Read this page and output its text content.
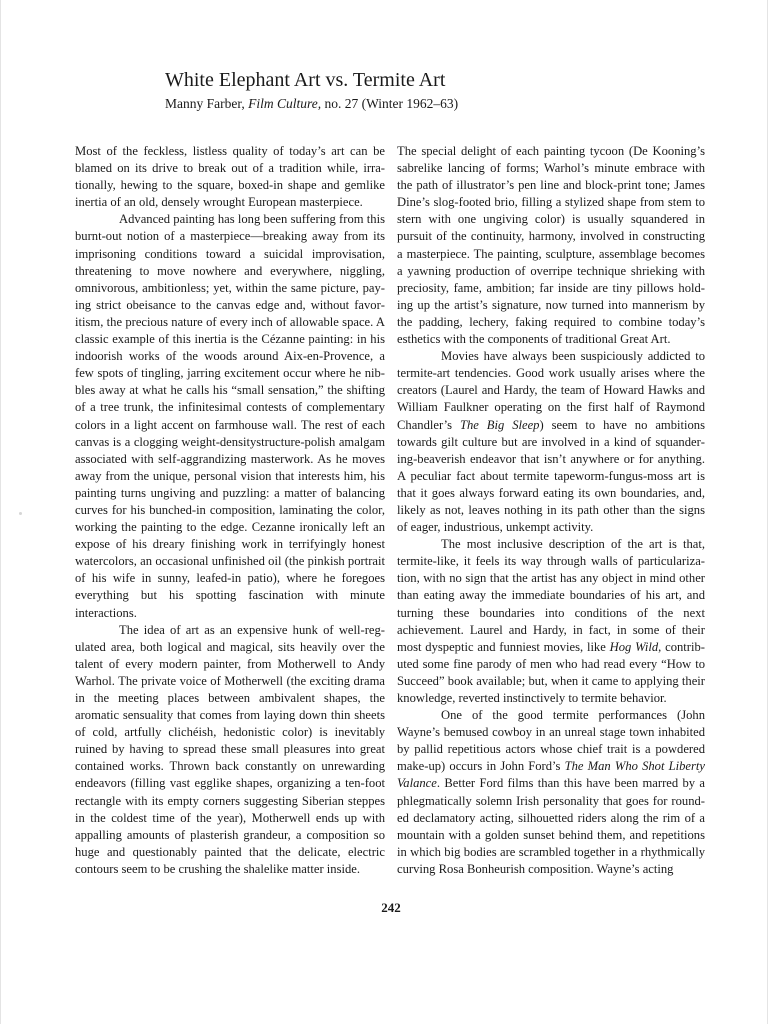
White Elephant Art vs. Termite Art
Manny Farber, Film Culture, no. 27 (Winter 1962–63)

Most of the feckless, listless quality of today’s art can be blamed on its drive to break out of a tradition while, irrationally, hewing to the square, boxed-in shape and gemlike inertia of an old, densely wrought European masterpiece.

Advanced painting has long been suffering from this burnt-out notion of a masterpiece—breaking away from its imprisoning conditions toward a suicidal improvisation, threatening to move nowhere and everywhere, niggling, omnivorous, ambitionless; yet, within the same picture, paying strict obeisance to the canvas edge and, without favoritism, the precious nature of every inch of allowable space. A classic example of this inertia is the Cézanne painting: in his indoorish works of the woods around Aix-en-Provence, a few spots of tingling, jarring excitement occur where he nibbles away at what he calls his “small sensation,” the shifting of a tree trunk, the infinitesimal contests of complementary colors in a light accent on farmhouse wall. The rest of each canvas is a clogging weight-densitystructure-polish amalgam associated with self-aggrandizing masterwork. As he moves away from the unique, personal vision that interests him, his painting turns ungiving and puzzling: a matter of balancing curves for his bunched-in composition, laminating the color, working the painting to the edge. Cezanne ironically left an expose of his dreary finishing work in terrifyingly honest watercolors, an occasional unfinished oil (the pinkish portrait of his wife in sunny, leafed-in patio), where he foregoes everything but his spotting fascination with minute interactions.

The idea of art as an expensive hunk of well-regulated area, both logical and magical, sits heavily over the talent of every modern painter, from Motherwell to Andy Warhol. The private voice of Motherwell (the exciting drama in the meeting places between ambivalent shapes, the aromatic sensuality that comes from laying down thin sheets of cold, artfully clichéish, hedonistic color) is inevitably ruined by having to spread these small pleasures into great contained works. Thrown back constantly on unrewarding endeavors (filling vast egglike shapes, organizing a ten-foot rectangle with its empty corners suggesting Siberian steppes in the coldest time of the year), Motherwell ends up with appalling amounts of plasterish grandeur, a composition so huge and questionably painted that the delicate, electric contours seem to be crushing the shalelike matter inside.

The special delight of each painting tycoon (De Kooning’s sabrelike lancing of forms; Warhol’s minute embrace with the path of illustrator’s pen line and block-print tone; James Dine’s slog-footed brio, filling a stylized shape from stem to stern with one ungiving color) is usually squandered in pursuit of the continuity, harmony, involved in constructing a masterpiece. The painting, sculpture, assemblage becomes a yawning production of overripe technique shrieking with preciosity, fame, ambition; far inside are tiny pillows holding up the artist’s signature, now turned into mannerism by the padding, lechery, faking required to combine today’s esthetics with the components of traditional Great Art.

Movies have always been suspiciously addicted to termite-art tendencies. Good work usually arises where the creators (Laurel and Hardy, the team of Howard Hawks and William Faulkner operating on the first half of Raymond Chandler’s The Big Sleep) seem to have no ambitions towards gilt culture but are involved in a kind of squandering-beaverish endeavor that isn’t anywhere or for anything. A peculiar fact about termite tapeworm-fungus-moss art is that it goes always forward eating its own boundaries, and, likely as not, leaves nothing in its path other than the signs of eager, industrious, unkempt activity.

The most inclusive description of the art is that, termite-like, it feels its way through walls of particularization, with no sign that the artist has any object in mind other than eating away the immediate boundaries of his art, and turning these boundaries into conditions of the next achievement. Laurel and Hardy, in fact, in some of their most dyspeptic and funniest movies, like Hog Wild, contributed some fine parody of men who had read every “How to Succeed” book available; but, when it came to applying their knowledge, reverted instinctively to termite behavior.

One of the good termite performances (John Wayne’s bemused cowboy in an unreal stage town inhabited by pallid repetitious actors whose chief trait is a powdered make-up) occurs in John Ford’s The Man Who Shot Liberty Valance. Better Ford films than this have been marred by a phlegmatically solemn Irish personality that goes for rounded declamatory acting, silhouetted riders along the rim of a mountain with a golden sunset behind them, and repetitions in which big bodies are scrambled together in a rhythmically curving Rosa Bonheurish composition. Wayne’s acting

242
